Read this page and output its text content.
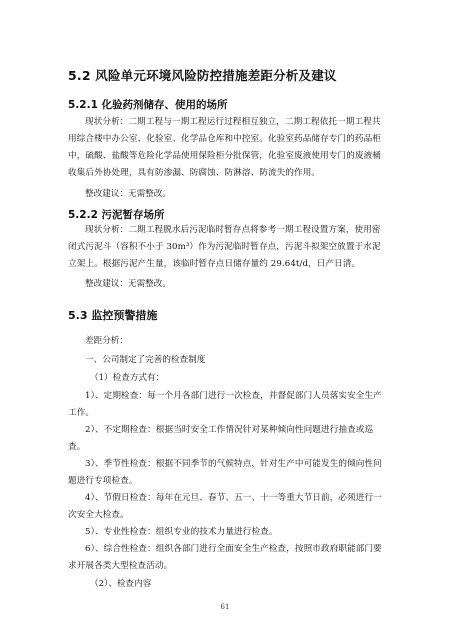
5.2 风险单元环境风险防控措施差距分析及建议
5.2.1 化验药剂储存、使用的场所
现状分析：二期工程与一期工程运行过程相互独立，二期工程依托一期工程共用综合楼中办公室、化验室、化学品仓库和中控室。化验室药品储存专门的药品柜中，硫酸、盐酸等危险化学品使用保险柜分批保管，化验室废液使用专门的废液桶收集后外协处理，具有防渗漏、防腐蚀、防淋溶、防流失的作用。
整改建议：无需整改。
5.2.2 污泥暂存场所
现状分析：二期工程脱水后污泥临时暂存点将参考一期工程设置方案，使用密闭式污泥斗（容积不小于 30m³）作为污泥临时暂存点，污泥斗拟架空放置于水泥立架上。根据污泥产生量，该临时暂存点日储存量约 29.64t/d，日产日清。
整改建议：无需整改。
5.3 监控预警措施
差距分析：
一、公司制定了完善的检查制度
（1）检查方式有：
1）、定期检查：每一个月各部门进行一次检查，并督促部门人员落实安全生产工作。
2）、不定期检查：根据当时安全工作情况针对某种倾向性问题进行抽查或巡查。
3）、季节性检查：根据不同季节的气候特点，针对生产中可能发生的倾向性问题进行专项检查。
4）、节假日检查：每年在元旦、春节、五一、十一等重大节日前，必须进行一次安全大检查。
5）、专业性检查：组织专业的技术力量进行检查。
6）、综合性检查：组织各部门进行全面安全生产检查，按照市政府职能部门要求开展各类大型检查活动。
（2）、检查内容
61
